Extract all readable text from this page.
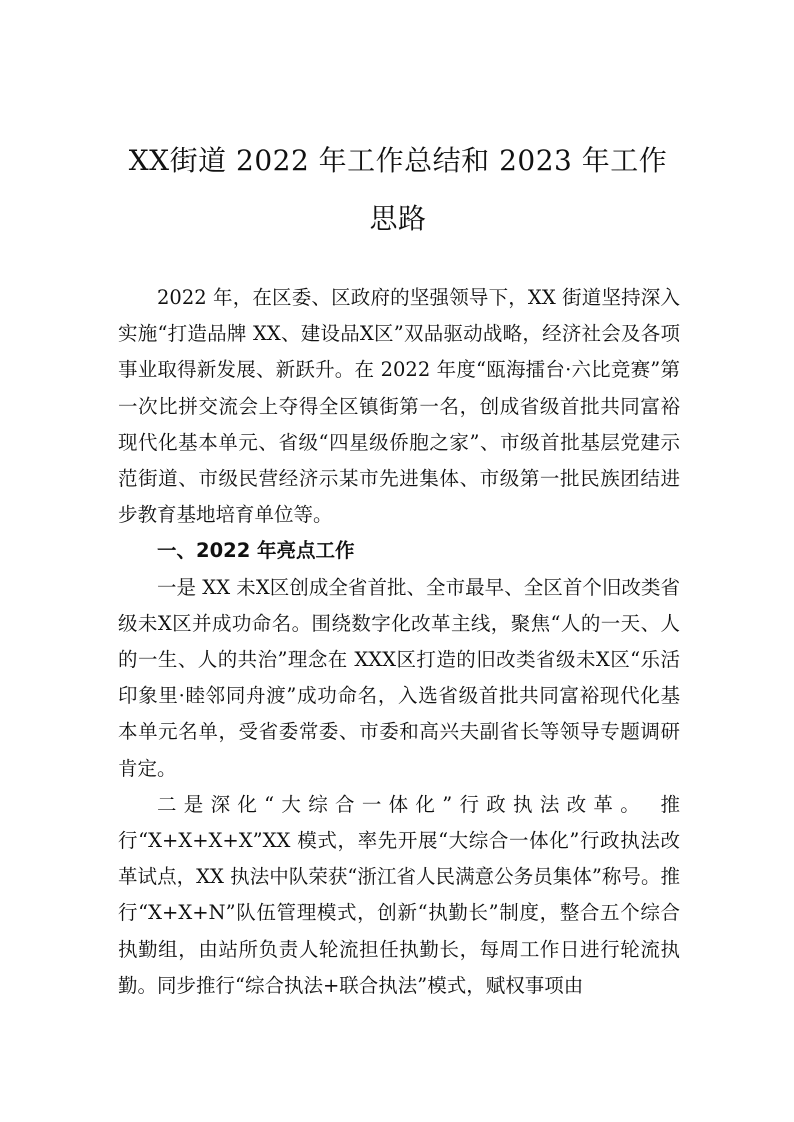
XX街道 2022 年工作总结和 2023 年工作思路

2022 年，在区委、区政府的坚强领导下，XX 街道坚持深入实施“打造品牌 XX、建设品X区”双品驱动战略，经济社会及各项事业取得新发展、新跃升。在 2022 年度“瓯海擂台·六比竞赛”第一次比拼交流会上夺得全区镇街第一名，创成省级首批共同富裕现代化基本单元、省级“四星级侨胞之家”、市级首批基层党建示范街道、市级民营经济示某市先进集体、市级第一批民族团结进步教育基地培育单位等。

一、2022 年亮点工作

一是 XX 未X区创成全省首批、全市最早、全区首个旧改类省级未X区并成功命名。围绕数字化改革主线，聚焦“人的一天、人的一生、人的共治”理念在 XXX区打造的旧改类省级未X区“乐活印象里·睦邻同舟渡”成功命名，入选省级首批共同富裕现代化基本单元名单，受省委常委、市委和高兴夫副省长等领导专题调研肯定。

二是深化“大综合一体化”行政执法改革。 推行“X+X+X+X”XX 模式，率先开展“大综合一体化”行政执法改革试点，XX 执法中队荣获“浙江省人民满意公务员集体”称号。推行“X+X+N”队伍管理模式，创新“执勤长”制度，整合五个综合执勤组，由站所负责人轮流担任执勤长，每周工作日进行轮流执勤。同步推行“综合执法+联合执法”模式，赋权事项由
